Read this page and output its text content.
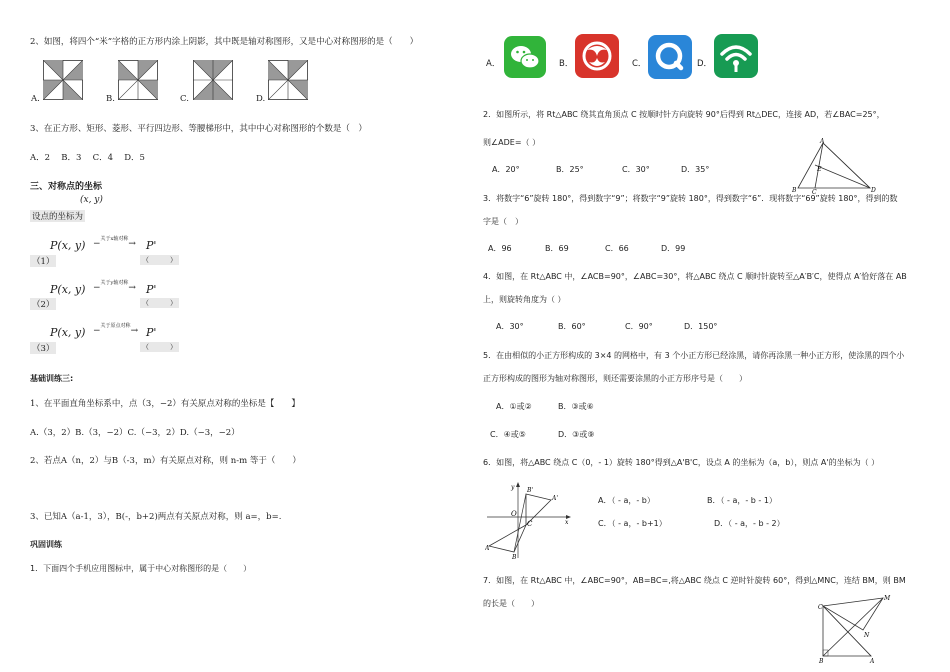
2、如图，将四个“米”字格的正方形内涂上阴影，其中既是轴对称图形，又是中心对称图形的是（　　）
A.	B.	C.	D.
3、在正方形、矩形、菱形、平行四边形、等腰梯形中，其中中心对称图形的个数是（　）
A．2　 B．3　 C．4　 D．5
三、对称点的坐标
(x, y)
设点的坐标为
P(x, y) −$^{关于x轴对称}$→ P'
（1）	（　　　）
P(x, y) −$^{关于y轴对称}$→ P'
（2）	（　　　）
P(x, y) −$^{关于原点对称}$→ P'
（3）	（　　　）
基础训练三:
1、在平面直角坐标系中，点（3，−2）有关原点对称的坐标是【　　】
A.（3，2）B.（3，−2）C.（−3，2）D.（−3，−2）
2、若点A（n，2）与B（-3，m）有关原点对称，则 n-m 等于（　　）
3、已知A（a-1，3），B(-，b+2)两点有关原点对称，则 a=，b=.
巩固训练
1．下面四个手机应用图标中，属于中心对称图形的是（　　）
A．	B．	C．	D．
2．如图所示，将 Rt△ABC 绕其直角顶点 C 按顺时针方向旋转 90°后得到 Rt△DEC，连接 AD，若∠BAC=25°，
则∠ADE=（ ）
A．20°	B．25°	C．30°	D．35°
A
E
B	C	D
3．将数字“6”旋转 180°，得到数字“9”；将数字“9”旋转 180°，得到数字“6”．现将数字“69”旋转 180°，得到的数
字是（　）
A．96	B．69	C．66	D．99
4．如图，在 Rt△ABC 中，∠ACB=90°，∠ABC=30°，将△ABC 绕点 C 顺时针旋转至△A′B′C，使得点 A′恰好落在 AB
上，则旋转角度为（ ）
A．30°	B．60°	C．90°	D．150°
5．在由相似的小正方形构成的 3×4 的网格中，有 3 个小正方形已经涂黑，请你再涂黑一种小正方形，使涂黑的四个小
正方形构成的图形为轴对称图形，则还需要涂黑的小正方形序号是（　　）
A．①或②	B．③或⑥
C．④或⑤	D．③或⑨
6．如图，将△ABC 绕点 C（0，- 1）旋转 180°得到△A'B'C，设点 A 的坐标为（a，b），则点 A'的坐标为（ ）
y B'
A'
O
C	x
A
B
A．（ - a，- b）	B．（ - a，- b - 1）
C．（ - a，- b+1）	D．（ - a，- b - 2）
7．如图，在 Rt△ABC 中，∠ABC=90°，AB=BC=,将△ABC 绕点 C 逆时针旋转 60°，得到△MNC，连结 BM，则 BM
的长是（　　）
M
C
N
B	A
